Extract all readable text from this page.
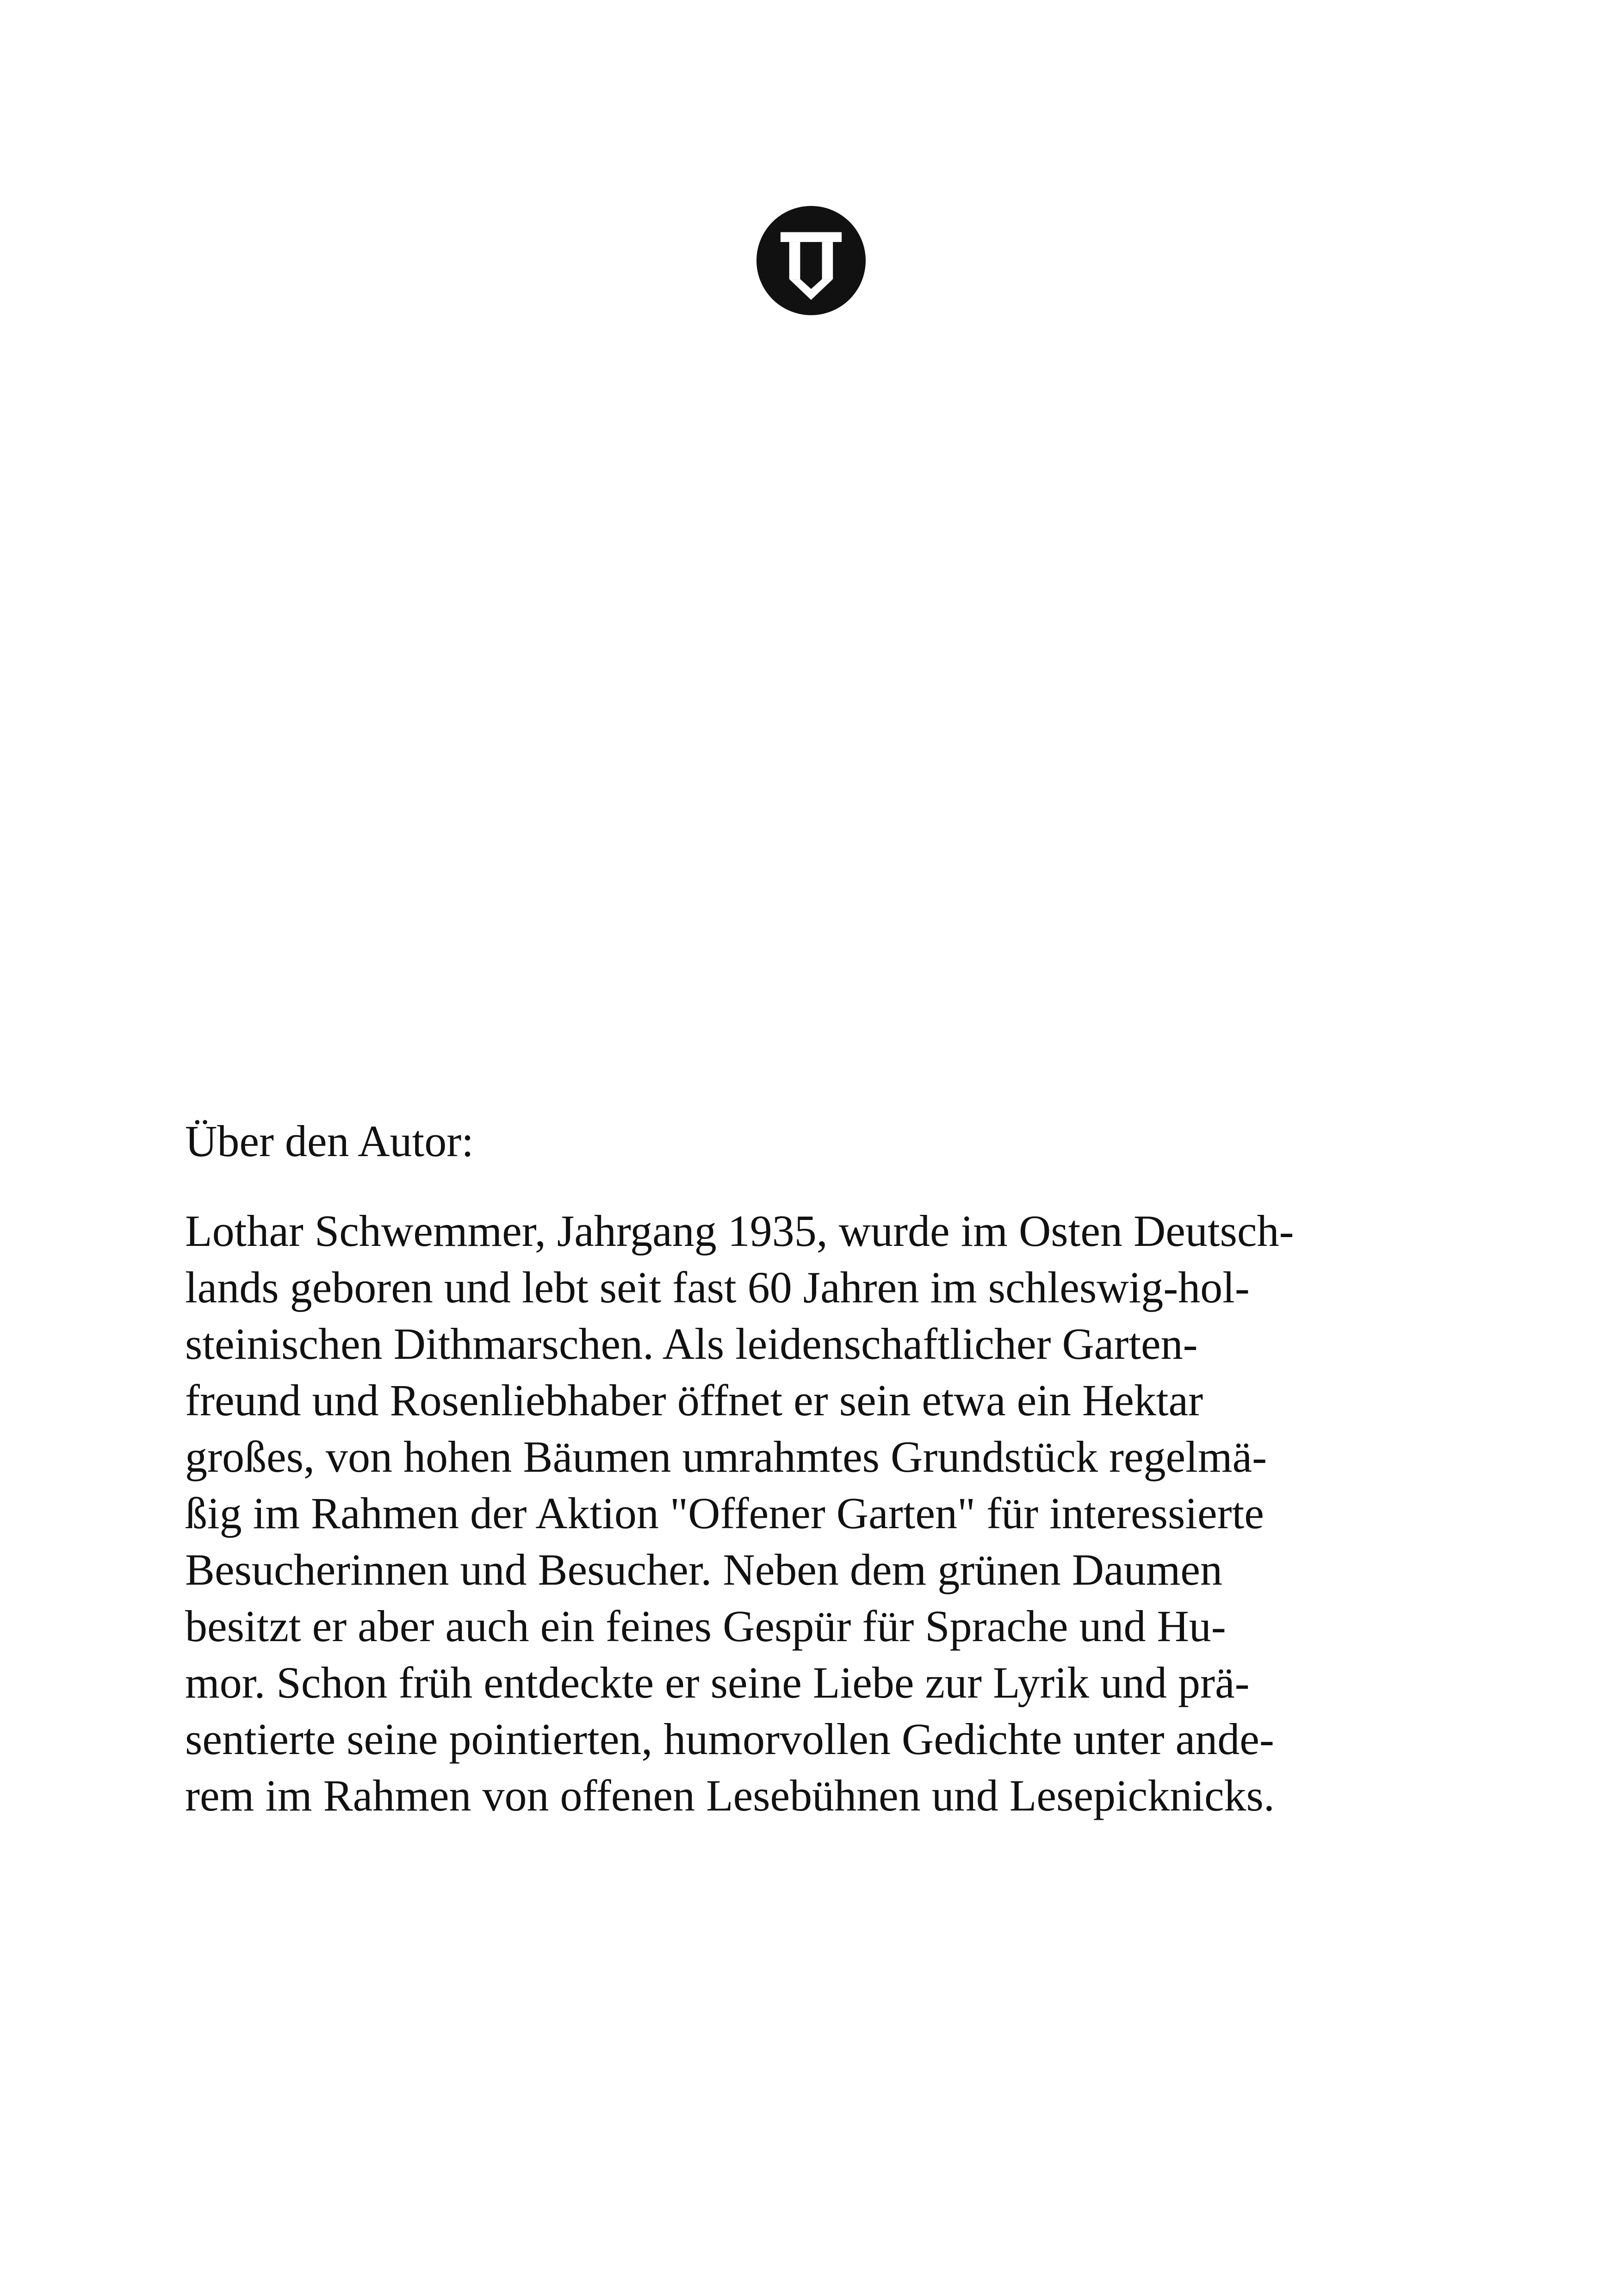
Über den Autor:

Lothar Schwemmer, Jahrgang 1935, wurde im Osten Deutsch-
lands geboren und lebt seit fast 60 Jahren im schleswig-hol-
steinischen Dithmarschen. Als leidenschaftlicher Garten-
freund und Rosenliebhaber öffnet er sein etwa ein Hektar
großes, von hohen Bäumen umrahmtes Grundstück regelmä-
ßig im Rahmen der Aktion "Offener Garten" für interessierte
Besucherinnen und Besucher. Neben dem grünen Daumen
besitzt er aber auch ein feines Gespür für Sprache und Hu-
mor. Schon früh entdeckte er seine Liebe zur Lyrik und prä-
sentierte seine pointierten, humorvollen Gedichte unter ande-
rem im Rahmen von offenen Lesebühnen und Lesepicknicks.
